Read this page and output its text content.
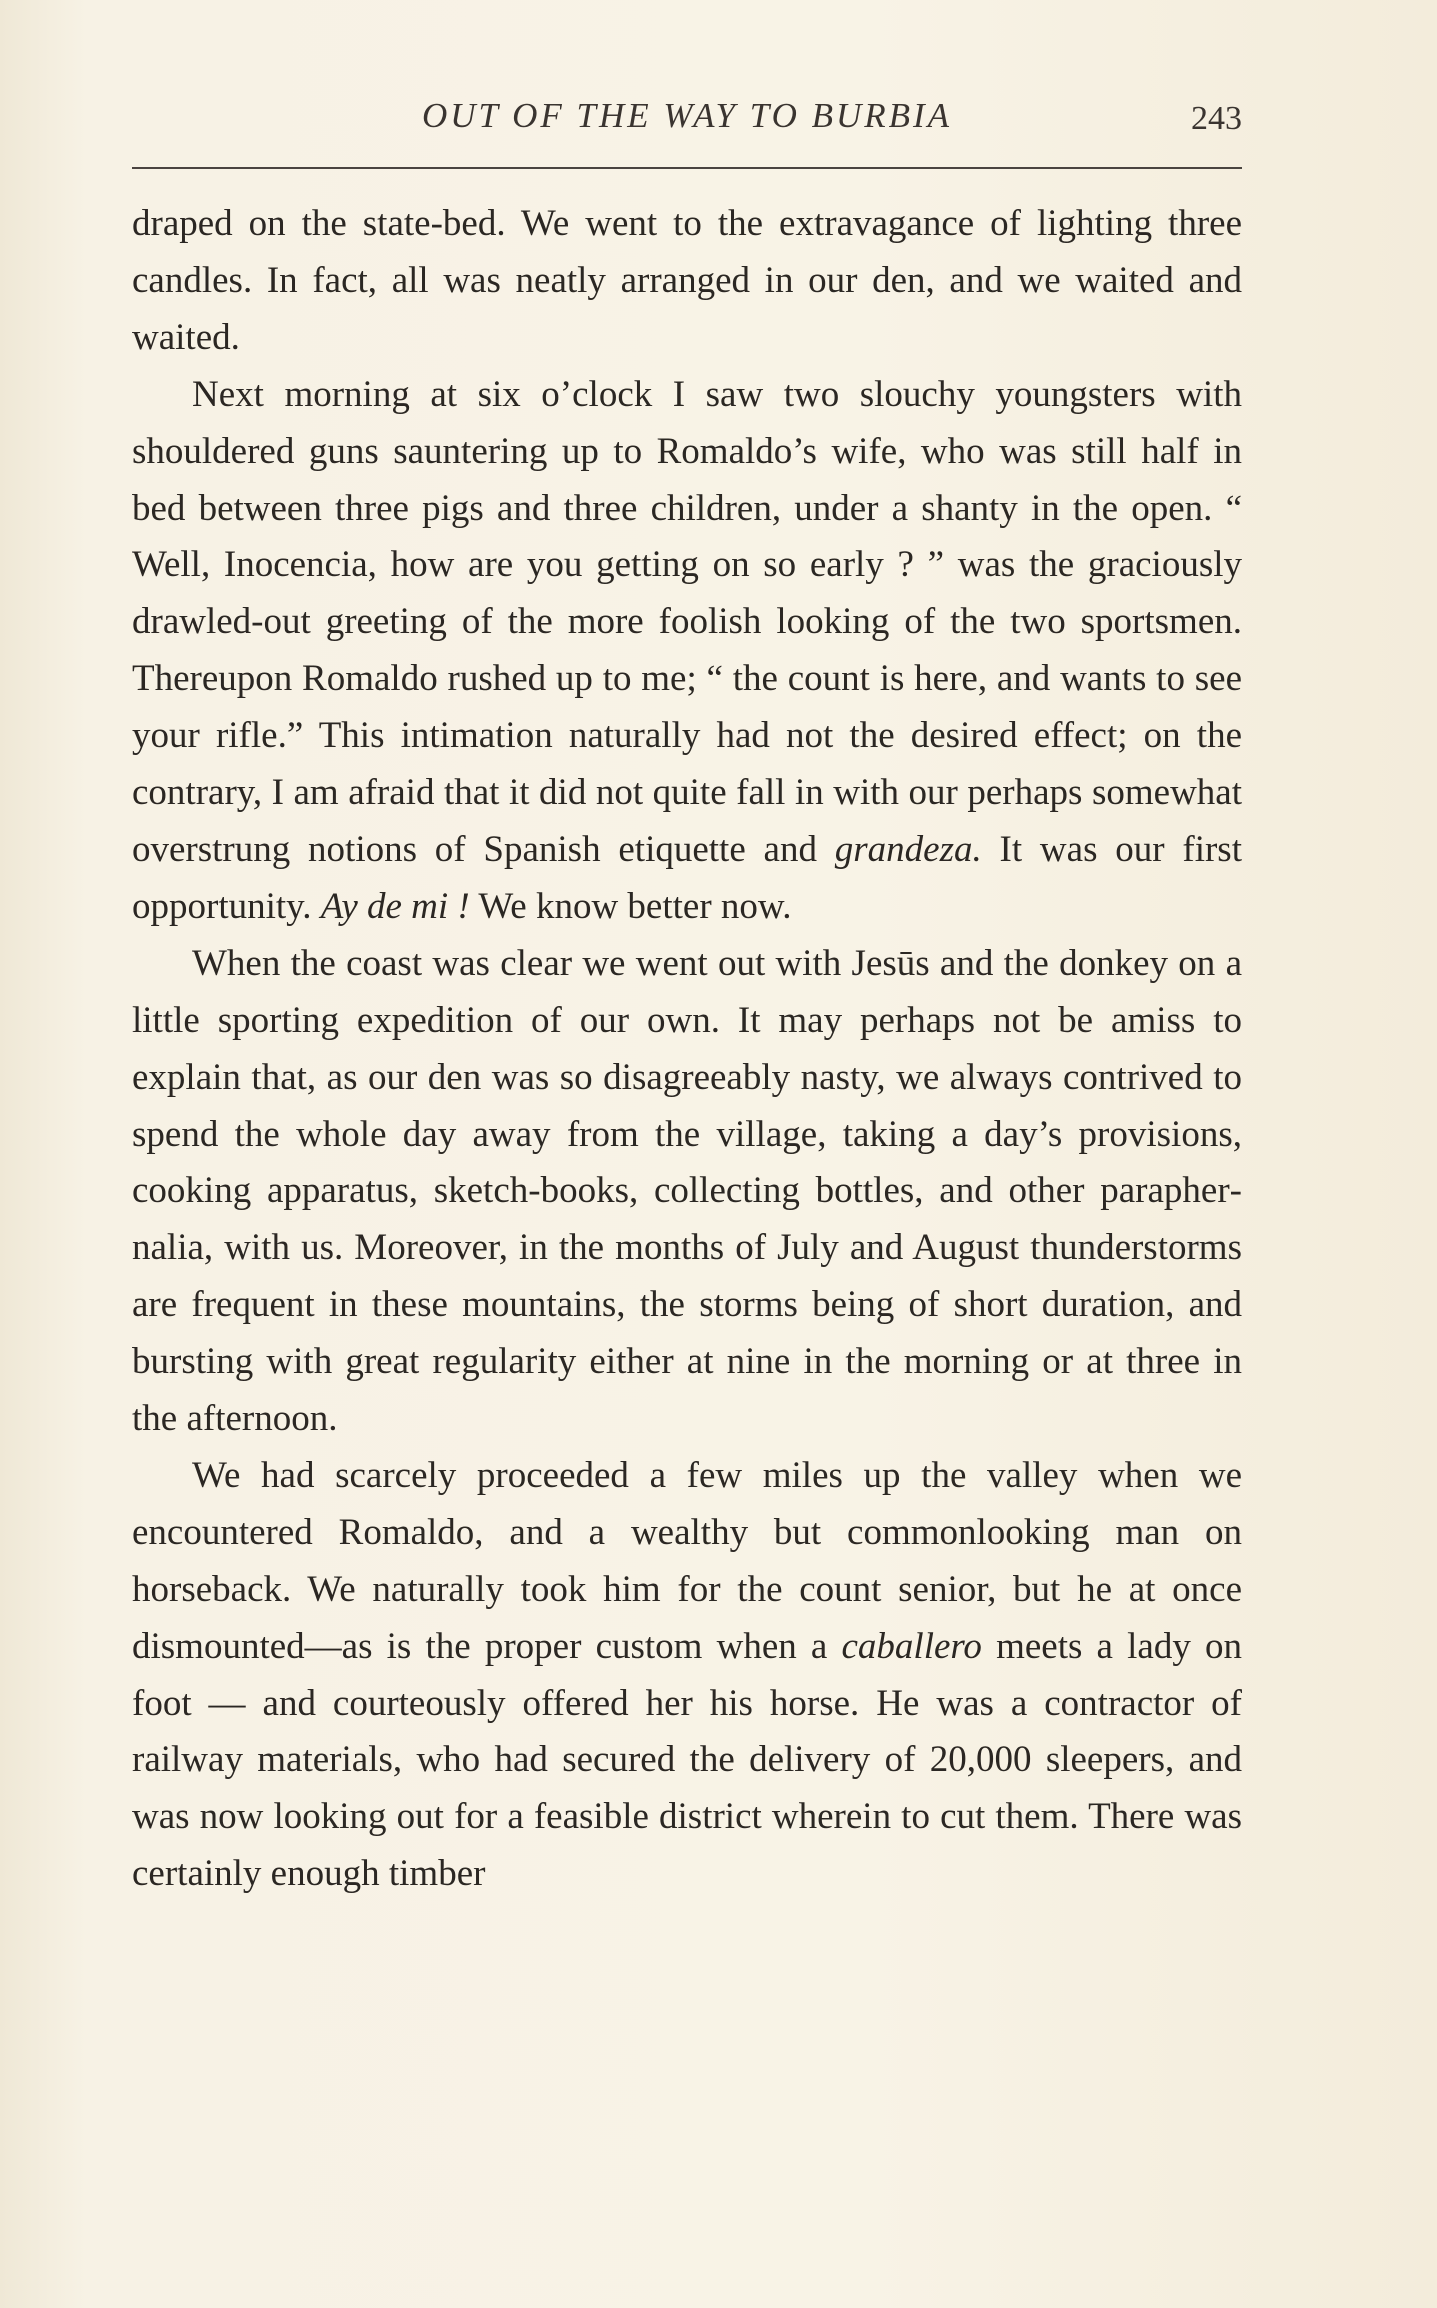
OUT OF THE WAY TO BURBIA	243

draped on the state-bed. We went to the extravagance of lighting three candles. In fact, all was neatly arranged in our den, and we waited and waited.

Next morning at six o’clock I saw two slouchy youngsters with shouldered guns sauntering up to Romaldo’s wife, who was still half in bed between three pigs and three children, under a shanty in the open. “ Well, Inocencia, how are you getting on so early ? ” was the graciously drawled-out greeting of the more foolish looking of the two sportsmen. Thereupon Romaldo rushed up to me; “ the count is here, and wants to see your rifle.” This intimation naturally had not the desired effect; on the contrary, I am afraid that it did not quite fall in with our perhaps somewhat overstrung notions of Spanish etiquette and grandeza. It was our first opportunity. Ay de mi ! We know better now.

When the coast was clear we went out with Jesūs and the donkey on a little sporting expedition of our own. It may perhaps not be amiss to explain that, as our den was so disagreeably nasty, we always contrived to spend the whole day away from the village, taking a day’s provisions, cooking apparatus, sketch-books, collecting bottles, and other paraphernalia, with us. Moreover, in the months of July and August thunderstorms are frequent in these mountains, the storms being of short duration, and bursting with great regularity either at nine in the morning or at three in the afternoon.

We had scarcely proceeded a few miles up the valley when we encountered Romaldo, and a wealthy but commonlooking man on horseback. We naturally took him for the count senior, but he at once dismounted—as is the proper custom when a caballero meets a lady on foot — and courteously offered her his horse. He was a contractor of railway materials, who had secured the delivery of 20,000 sleepers, and was now looking out for a feasible district wherein to cut them. There was certainly enough timber
